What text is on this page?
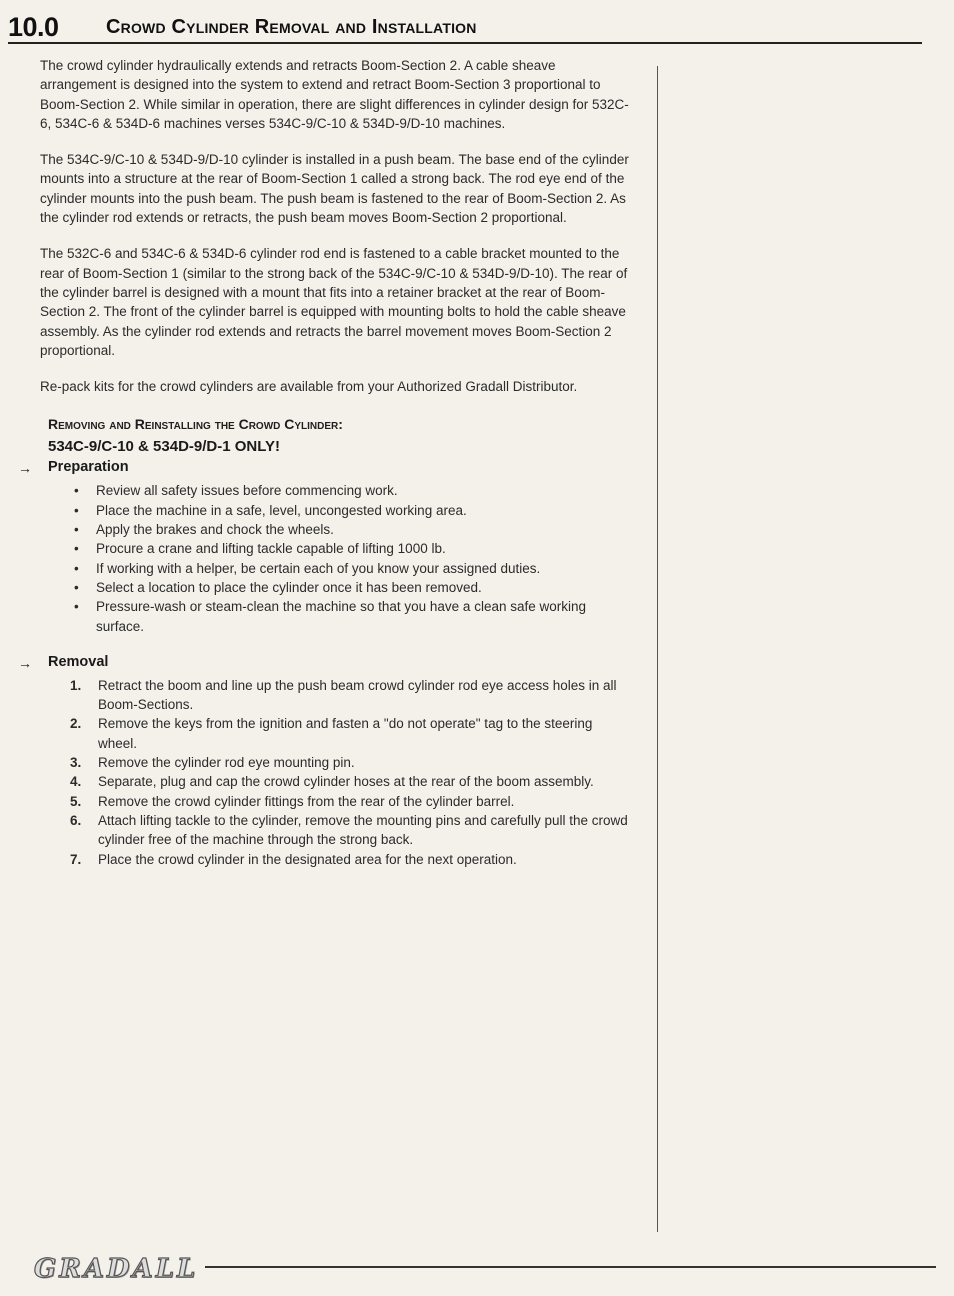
10.0 Crowd Cylinder Removal and Installation

The crowd cylinder hydraulically extends and retracts Boom-Section 2. A cable sheave arrangement is designed into the system to extend and retract Boom-Section 3 proportional to Boom-Section 2. While similar in operation, there are slight differences in cylinder design for 532C-6, 534C-6 & 534D-6 machines verses 534C-9/C-10 & 534D-9/D-10 machines.

The 534C-9/C-10 & 534D-9/D-10 cylinder is installed in a push beam. The base end of the cylinder mounts into a structure at the rear of Boom-Section 1 called a strong back. The rod eye end of the cylinder mounts into the push beam. The push beam is fastened to the rear of Boom-Section 2. As the cylinder rod extends or retracts, the push beam moves Boom-Section 2 proportional.

The 532C-6 and 534C-6 & 534D-6 cylinder rod end is fastened to a cable bracket mounted to the rear of Boom-Section 1 (similar to the strong back of the 534C-9/C-10 & 534D-9/D-10). The rear of the cylinder barrel is designed with a mount that fits into a retainer bracket at the rear of Boom-Section 2. The front of the cylinder barrel is equipped with mounting bolts to hold the cable sheave assembly. As the cylinder rod extends and retracts the barrel movement moves Boom-Section 2 proportional.

Re-pack kits for the crowd cylinders are available from your Authorized Gradall Distributor.

Removing and Reinstalling the Crowd Cylinder:
534C-9/C-10 & 534D-9/D-1 ONLY!
→ Preparation
• Review all safety issues before commencing work.
• Place the machine in a safe, level, uncongested working area.
• Apply the brakes and chock the wheels.
• Procure a crane and lifting tackle capable of lifting 1000 lb.
• If working with a helper, be certain each of you know your assigned duties.
• Select a location to place the cylinder once it has been removed.
• Pressure-wash or steam-clean the machine so that you have a clean safe working surface.
→ Removal
1. Retract the boom and line up the push beam crowd cylinder rod eye access holes in all Boom-Sections.
2. Remove the keys from the ignition and fasten a "do not operate" tag to the steering wheel.
3. Remove the cylinder rod eye mounting pin.
4. Separate, plug and cap the crowd cylinder hoses at the rear of the boom assembly.
5. Remove the crowd cylinder fittings from the rear of the cylinder barrel.
6. Attach lifting tackle to the cylinder, remove the mounting pins and carefully pull the crowd cylinder free of the machine through the strong back.
7. Place the crowd cylinder in the designated area for the next operation.
GRADALL
